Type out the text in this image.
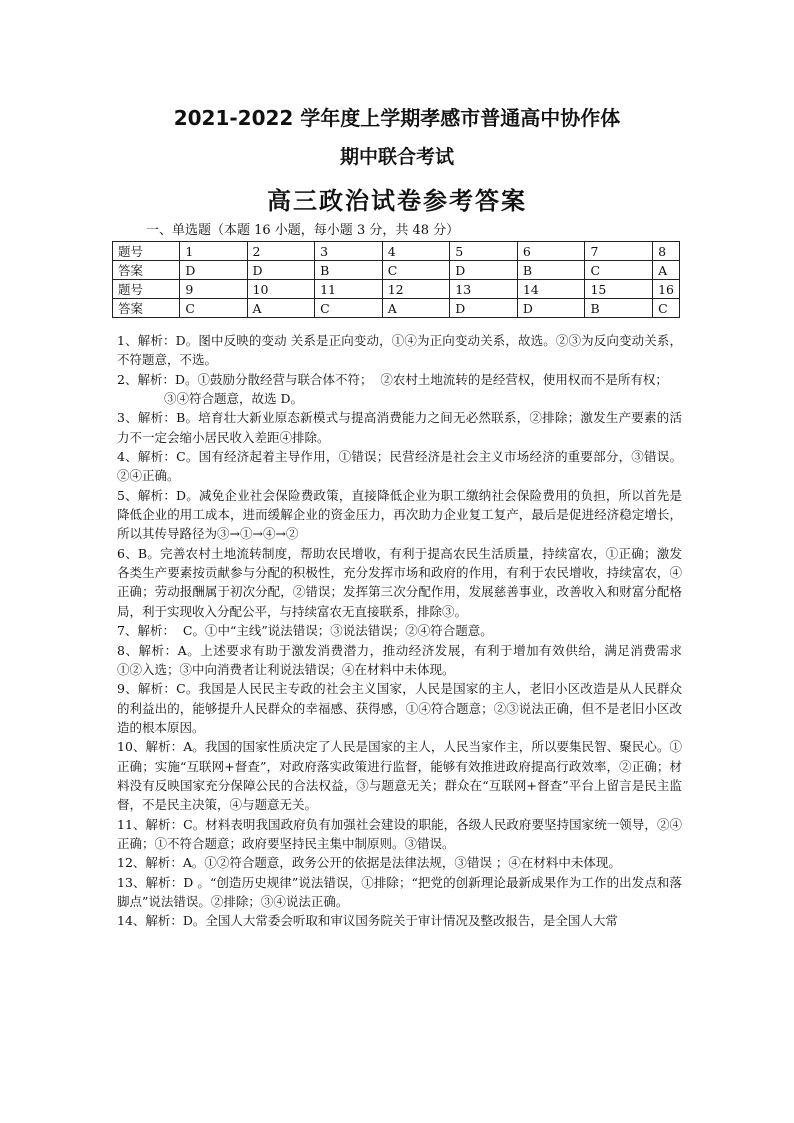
2021-2022 学年度上学期孝感市普通高中协作体
期中联合考试
高三政治试卷参考答案
一、单选题（本题 16 小题，每小题 3 分，共 48 分）
题号	1	2	3	4	5	6	7	8
答案	D	D	B	C	D	B	C	A
题号	9	10	11	12	13	14	15	16
答案	C	A	C	A	D	D	B	C

1、解析：D。图中反映的变动 关系是正向变动，①④为正向变动关系，故选。②③为反向变动关系，不符题意，不选。

2、解析：D。①鼓励分散经营与联合体不符；  ②农村土地流转的是经营权，使用权而不是所有权；

③④符合题意，故选 D。

3、解析：B。培育壮大新业原态新模式与提高消费能力之间无必然联系，②排除；激发生产要素的活力不一定会缩小居民收入差距④排除。

4、解析：C。国有经济起着主导作用，①错误；民营经济是社会主义市场经济的重要部分，③错误。②④正确。

5、解析：D。减免企业社会保险费政策，直接降低企业为职工缴纳社会保险费用的负担，所以首先是降低企业的用工成本，进而缓解企业的资金压力，再次助力企业复工复产，最后是促进经济稳定增长，所以其传导路径为③→①→④→②

6、B。完善农村土地流转制度，帮助农民增收，有利于提高农民生活质量，持续富农，①正确；激发各类生产要素按贡献参与分配的积极性，充分发挥市场和政府的作用，有利于农民增收，持续富农，④正确；劳动报酬属于初次分配，②错误；发挥第三次分配作用，发展慈善事业，改善收入和财富分配格局，利于实现收入分配公平，与持续富农无直接联系，排除③。

7、解析：  C。①中“主线”说法错误；③说法错误；②④符合题意。

8、解析：A。上述要求有助于激发消费潜力，推动经济发展，有利于增加有效供给，满足消费需求①②入选；③中向消费者让利说法错误；④在材料中未体现。

9、解析：C。我国是人民民主专政的社会主义国家，人民是国家的主人，老旧小区改造是从人民群众的利益出的，能够提升人民群众的幸福感、获得感，①④符合题意；②③说法正确，但不是老旧小区改造的根本原因。

10、解析：A。我国的国家性质决定了人民是国家的主人，人民当家作主，所以要集民智、聚民心。①正确；实施“互联网+督查”，对政府落实政策进行监督，能够有效推进政府提高行政效率，②正确；材料没有反映国家充分保障公民的合法权益，③与题意无关；群众在“互联网+督查”平台上留言是民主监督，不是民主决策，④与题意无关。

11、解析：C。材料表明我国政府负有加强社会建设的职能，各级人民政府要坚持国家统一领导，②④正确；①不符合题意；政府要坚持民主集中制原则。③错误。

12、解析：A。①②符合题意，政务公开的依据是法律法规，③错误 ；④在材料中未体现。

13、解析：D 。“创造历史规律”说法错误，①排除；“把党的创新理论最新成果作为工作的出发点和落脚点”说法错误。②排除；③④说法正确。

14、解析：D。全国人大常委会听取和审议国务院关于审计情况及整改报告，是全国人大常
